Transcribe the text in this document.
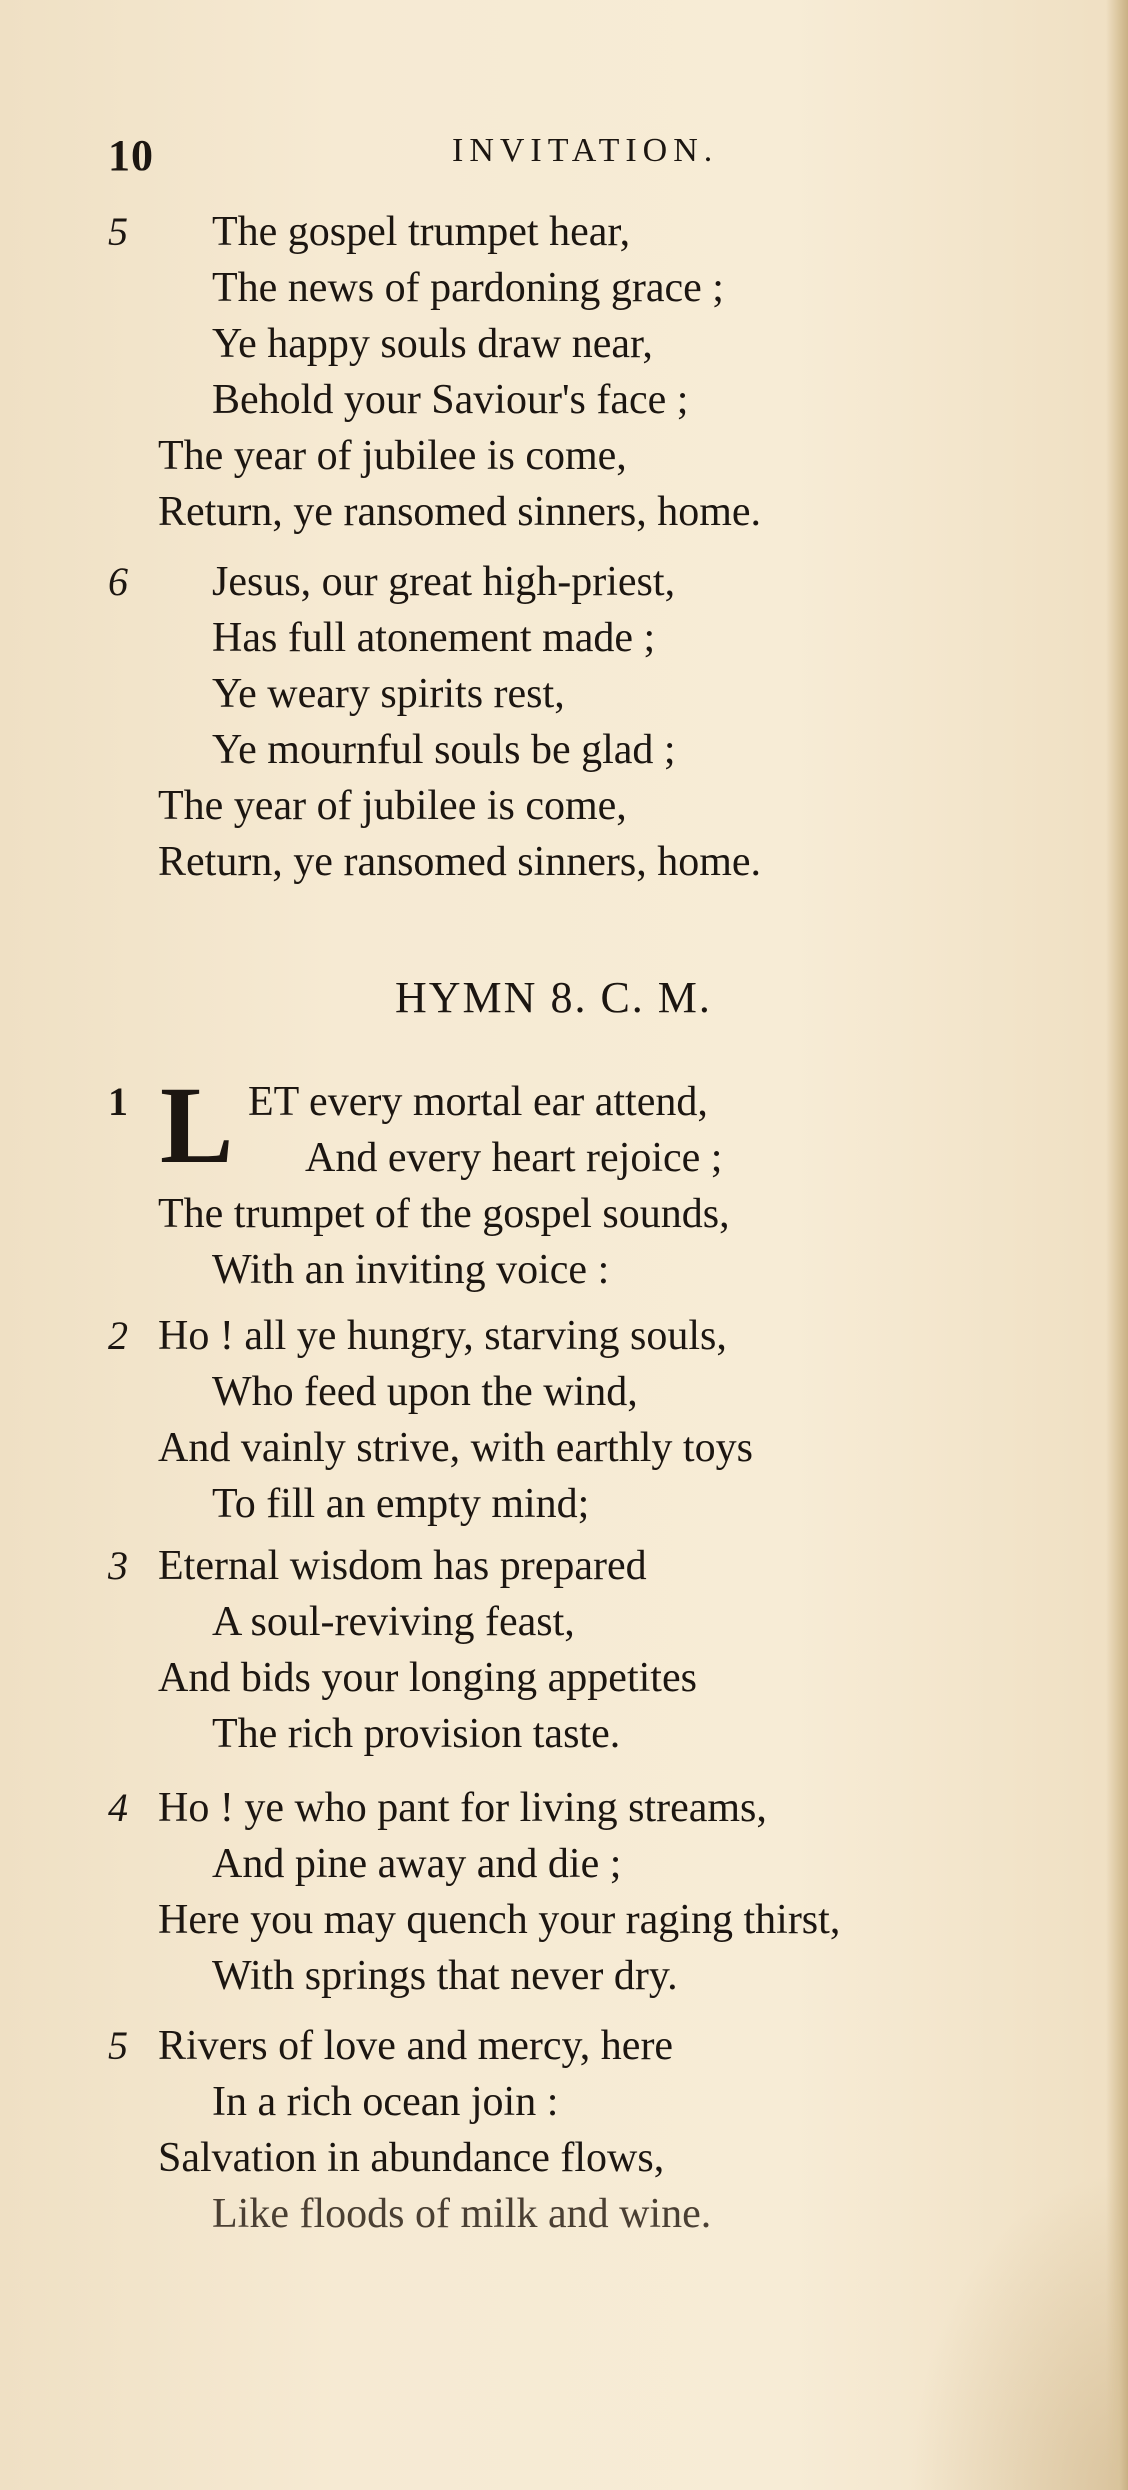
10	INVITATION.
5 The gospel trumpet hear,
The news of pardoning grace ;
Ye happy souls draw near,
Behold your Saviour's face ;
The year of jubilee is come,
Return, ye ransomed sinners, home.
6 Jesus, our great high-priest,
Has full atonement made ;
Ye weary spirits rest,
Ye mournful souls be glad ;
The year of jubilee is come,
Return, ye ransomed sinners, home.
HYMN 8. C. M.
1 L ET every mortal ear attend,
And every heart rejoice ;
The trumpet of the gospel sounds,
With an inviting voice :
2 Ho ! all ye hungry, starving souls,
Who feed upon the wind,
And vainly strive, with earthly toys
To fill an empty mind;
3 Eternal wisdom has prepared
A soul-reviving feast,
And bids your longing appetites
The rich provision taste.
4 Ho ! ye who pant for living streams,
And pine away and die ;
Here you may quench your raging thirst,
With springs that never dry.
5 Rivers of love and mercy, here
In a rich ocean join :
Salvation in abundance flows,
Like floods of milk and wine.
